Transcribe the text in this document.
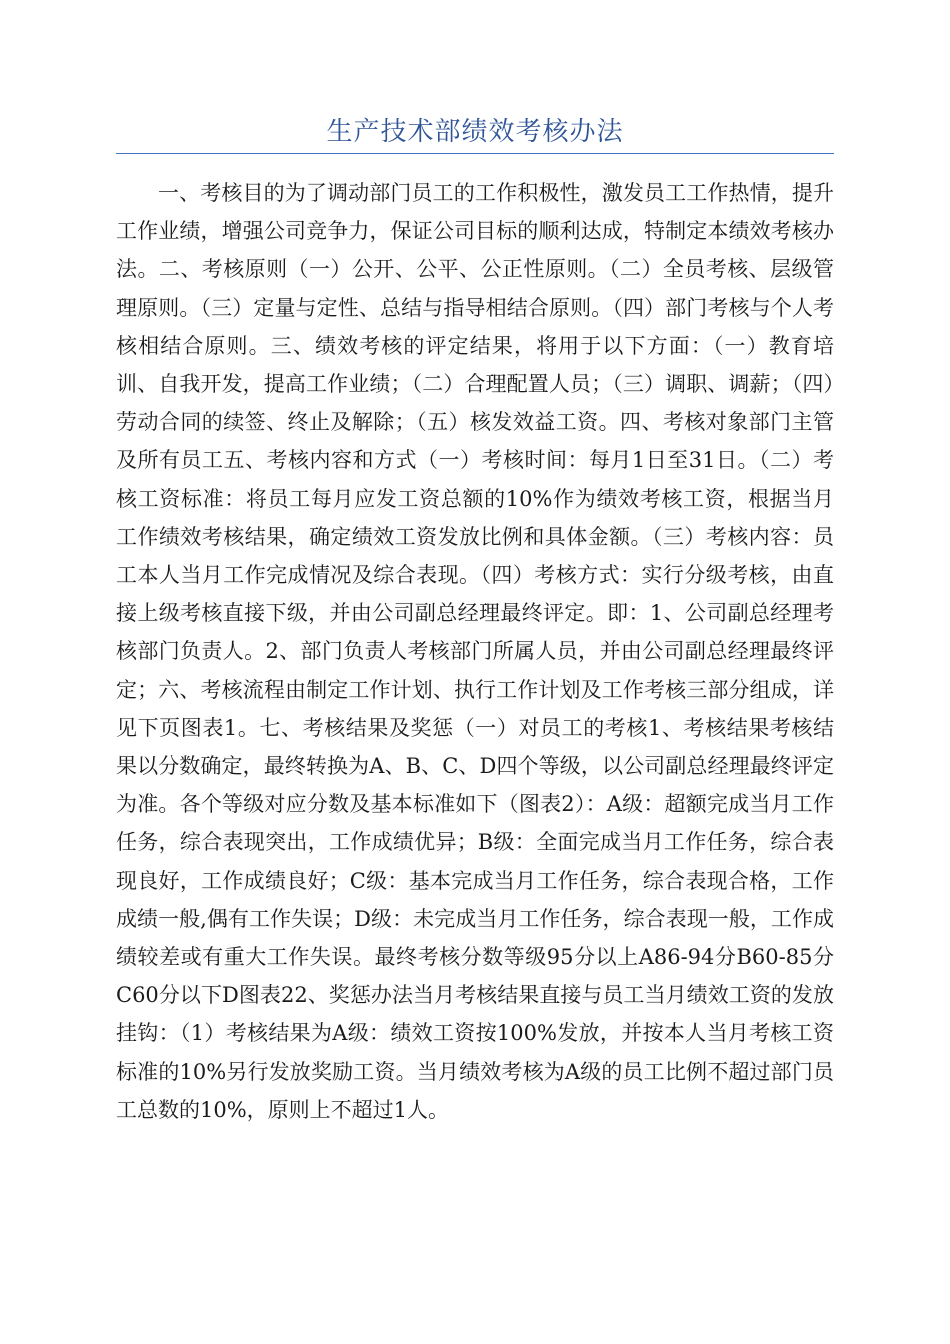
生产技术部绩效考核办法

一、考核目的为了调动部门员工的工作积极性，激发员工工作热情，提升工作业绩，增强公司竞争力，保证公司目标的顺利达成，特制定本绩效考核办法。二、考核原则（一）公开、公平、公正性原则。（二）全员考核、层级管理原则。（三）定量与定性、总结与指导相结合原则。（四）部门考核与个人考核相结合原则。三、绩效考核的评定结果，将用于以下方面：（一）教育培训、自我开发，提高工作业绩；（二）合理配置人员；（三）调职、调薪；（四）劳动合同的续签、终止及解除；（五）核发效益工资。四、考核对象部门主管及所有员工五、考核内容和方式（一）考核时间：每月1日至31日。（二）考核工资标准：将员工每月应发工资总额的10%作为绩效考核工资，根据当月工作绩效考核结果，确定绩效工资发放比例和具体金额。（三）考核内容：员工本人当月工作完成情况及综合表现。（四）考核方式：实行分级考核，由直接上级考核直接下级，并由公司副总经理最终评定。即：1、公司副总经理考核部门负责人。2、部门负责人考核部门所属人员，并由公司副总经理最终评定；六、考核流程由制定工作计划、执行工作计划及工作考核三部分组成，详见下页图表1。七、考核结果及奖惩（一）对员工的考核1、考核结果考核结果以分数确定，最终转换为A、B、C、D四个等级，以公司副总经理最终评定为准。各个等级对应分数及基本标准如下（图表2）：A级：超额完成当月工作任务，综合表现突出，工作成绩优异；B级：全面完成当月工作任务，综合表现良好，工作成绩良好；C级：基本完成当月工作任务，综合表现合格，工作成绩一般,偶有工作失误；D级：未完成当月工作任务，综合表现一般，工作成绩较差或有重大工作失误。最终考核分数等级95分以上A86-94分B60-85分C60分以下D图表22、奖惩办法当月考核结果直接与员工当月绩效工资的发放挂钩：（1）考核结果为A级：绩效工资按100%发放，并按本人当月考核工资标准的10%另行发放奖励工资。当月绩效考核为A级的员工比例不超过部门员工总数的10%，原则上不超过1人。
